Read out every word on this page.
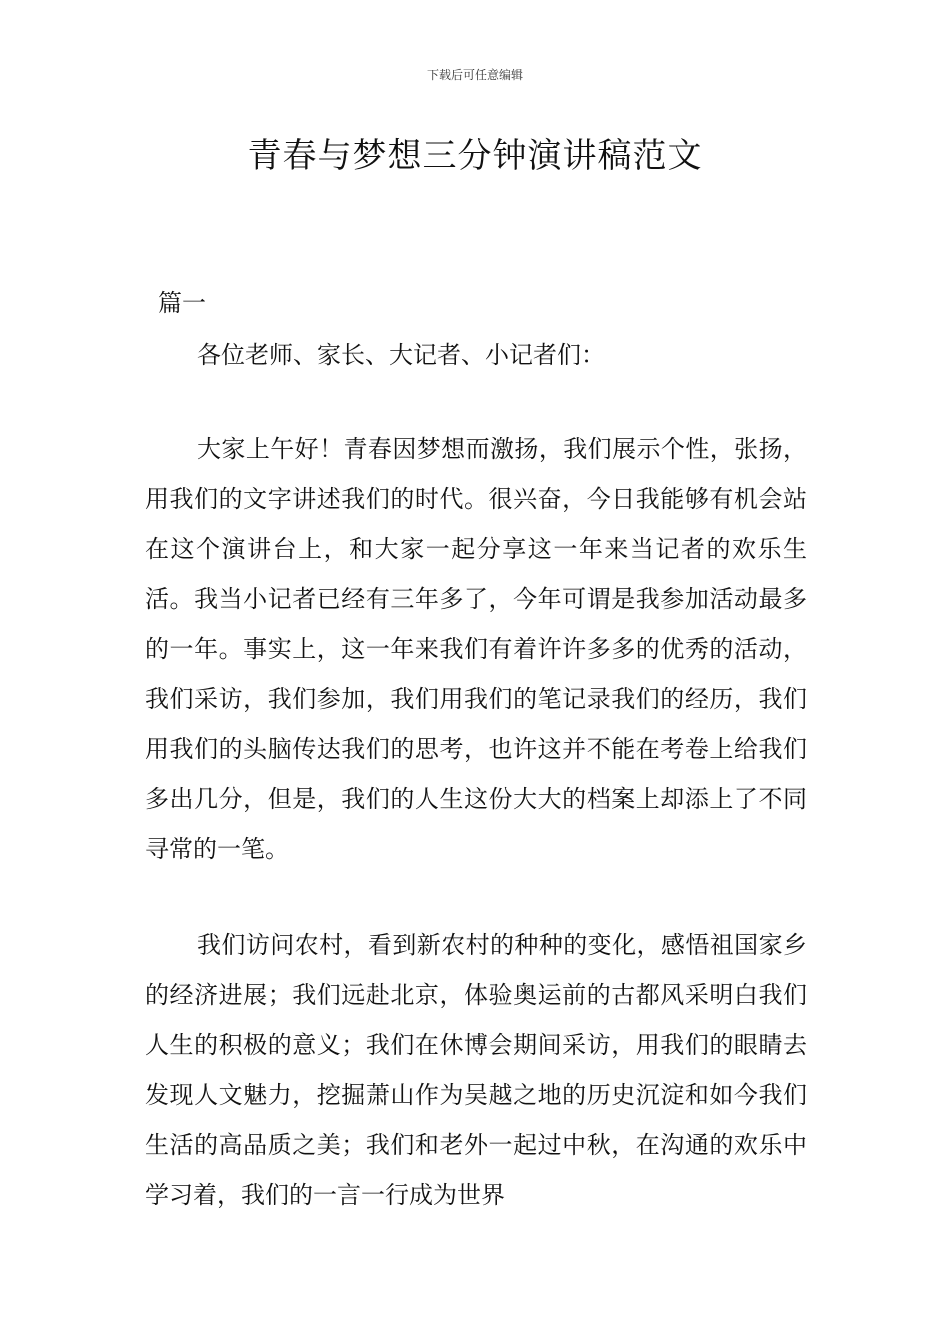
下载后可任意编辑
青春与梦想三分钟演讲稿范文
篇一
各位老师、家长、大记者、小记者们：

大家上午好！青春因梦想而激扬，我们展示个性，张扬，用我们的文字讲述我们的时代。很兴奋，今日我能够有机会站在这个演讲台上，和大家一起分享这一年来当记者的欢乐生活。我当小记者已经有三年多了，今年可谓是我参加活动最多的一年。事实上，这一年来我们有着许许多多的优秀的活动，我们采访，我们参加，我们用我们的笔记录我们的经历，我们用我们的头脑传达我们的思考，也许这并不能在考卷上给我们多出几分，但是，我们的人生这份大大的档案上却添上了不同寻常的一笔。

我们访问农村，看到新农村的种种的变化，感悟祖国家乡的经济进展；我们远赴北京，体验奥运前的古都风采明白我们人生的积极的意义；我们在休博会期间采访，用我们的眼睛去发现人文魅力，挖掘萧山作为吴越之地的历史沉淀和如今我们生活的高品质之美；我们和老外一起过中秋，在沟通的欢乐中学习着，我们的一言一行成为世界
